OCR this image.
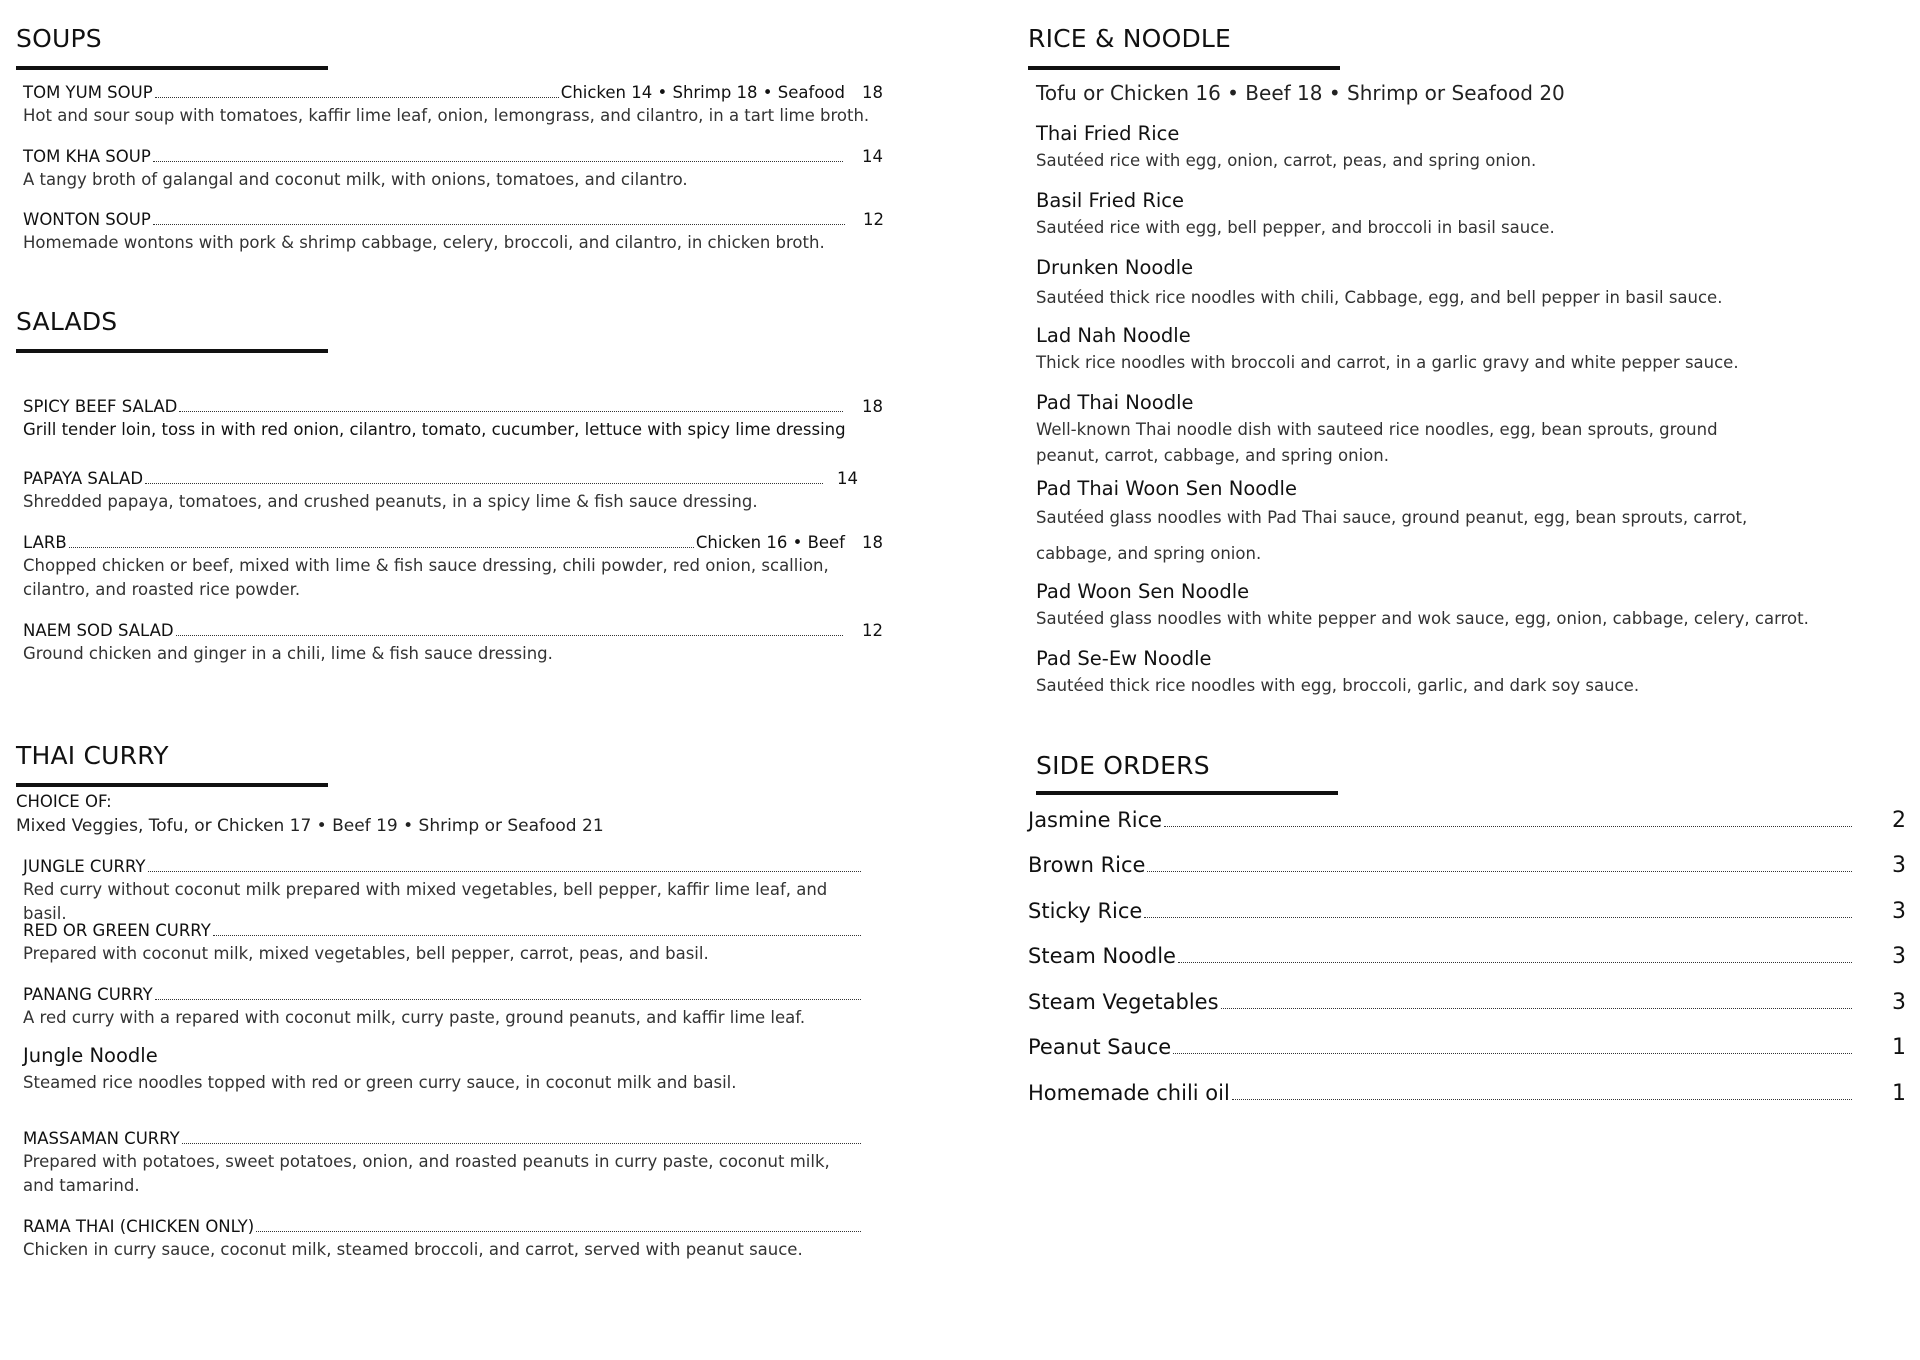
SOUPS
TOM YUM SOUP	Chicken 14 • Shrimp 18 • Seafood	18
Hot and sour soup with tomatoes, kaffir lime leaf, onion, lemongrass, and cilantro, in a tart lime broth.
TOM KHA SOUP	14
A tangy broth of galangal and coconut milk, with onions, tomatoes, and cilantro.
WONTON SOUP	12
Homemade wontons with pork & shrimp cabbage, celery, broccoli, and cilantro, in chicken broth.
SALADS
SPICY BEEF SALAD	18
Grill tender loin, toss in with red onion, cilantro, tomato, cucumber, lettuce with spicy lime dressing
PAPAYA SALAD	14
Shredded papaya, tomatoes, and crushed peanuts, in a spicy lime & fish sauce dressing.
LARB	Chicken 16 • Beef	18
Chopped chicken or beef, mixed with lime & fish sauce dressing, chili powder, red onion, scallion, cilantro, and roasted rice powder.
NAEM SOD SALAD	12
Ground chicken and ginger in a chili, lime & fish sauce dressing.
THAI CURRY
CHOICE OF:
Mixed Veggies, Tofu, or Chicken 17 • Beef 19 • Shrimp or Seafood 21
JUNGLE CURRY
Red curry without coconut milk prepared with mixed vegetables, bell pepper, kaffir lime leaf, and basil.
RED OR GREEN CURRY
Prepared with coconut milk, mixed vegetables, bell pepper, carrot, peas, and basil.
PANANG CURRY
A red curry with a repared with coconut milk, curry paste, ground peanuts, and kaffir lime leaf.
Jungle Noodle
Steamed rice noodles topped with red or green curry sauce, in coconut milk and basil.
MASSAMAN CURRY
Prepared with potatoes, sweet potatoes, onion, and roasted peanuts in curry paste, coconut milk, and tamarind.
RAMA THAI (CHICKEN ONLY)
Chicken in curry sauce, coconut milk, steamed broccoli, and carrot, served with peanut sauce.
RICE & NOODLE
Tofu or Chicken 16 • Beef 18 • Shrimp or Seafood 20
Thai Fried Rice
Sautéed rice with egg, onion, carrot, peas, and spring onion.
Basil Fried Rice
Sautéed rice with egg, bell pepper, and broccoli in basil sauce.
Drunken Noodle
Sautéed thick rice noodles with chili, Cabbage, egg, and bell pepper in basil sauce.
Lad Nah Noodle
Thick rice noodles with broccoli and carrot, in a garlic gravy and white pepper sauce.
Pad Thai Noodle
Well-known Thai noodle dish with sauteed rice noodles, egg, bean sprouts, ground peanut, carrot, cabbage, and spring onion.
Pad Thai Woon Sen Noodle
Sautéed glass noodles with Pad Thai sauce, ground peanut, egg, bean sprouts, carrot, cabbage, and spring onion.
Pad Woon Sen Noodle
Sautéed glass noodles with white pepper and wok sauce, egg, onion, cabbage, celery, carrot.
Pad Se-Ew Noodle
Sautéed thick rice noodles with egg, broccoli, garlic, and dark soy sauce.
SIDE ORDERS
Jasmine Rice	2
Brown Rice	3
Sticky Rice	3
Steam Noodle	3
Steam Vegetables	3
Peanut Sauce	1
Homemade chili oil	1
